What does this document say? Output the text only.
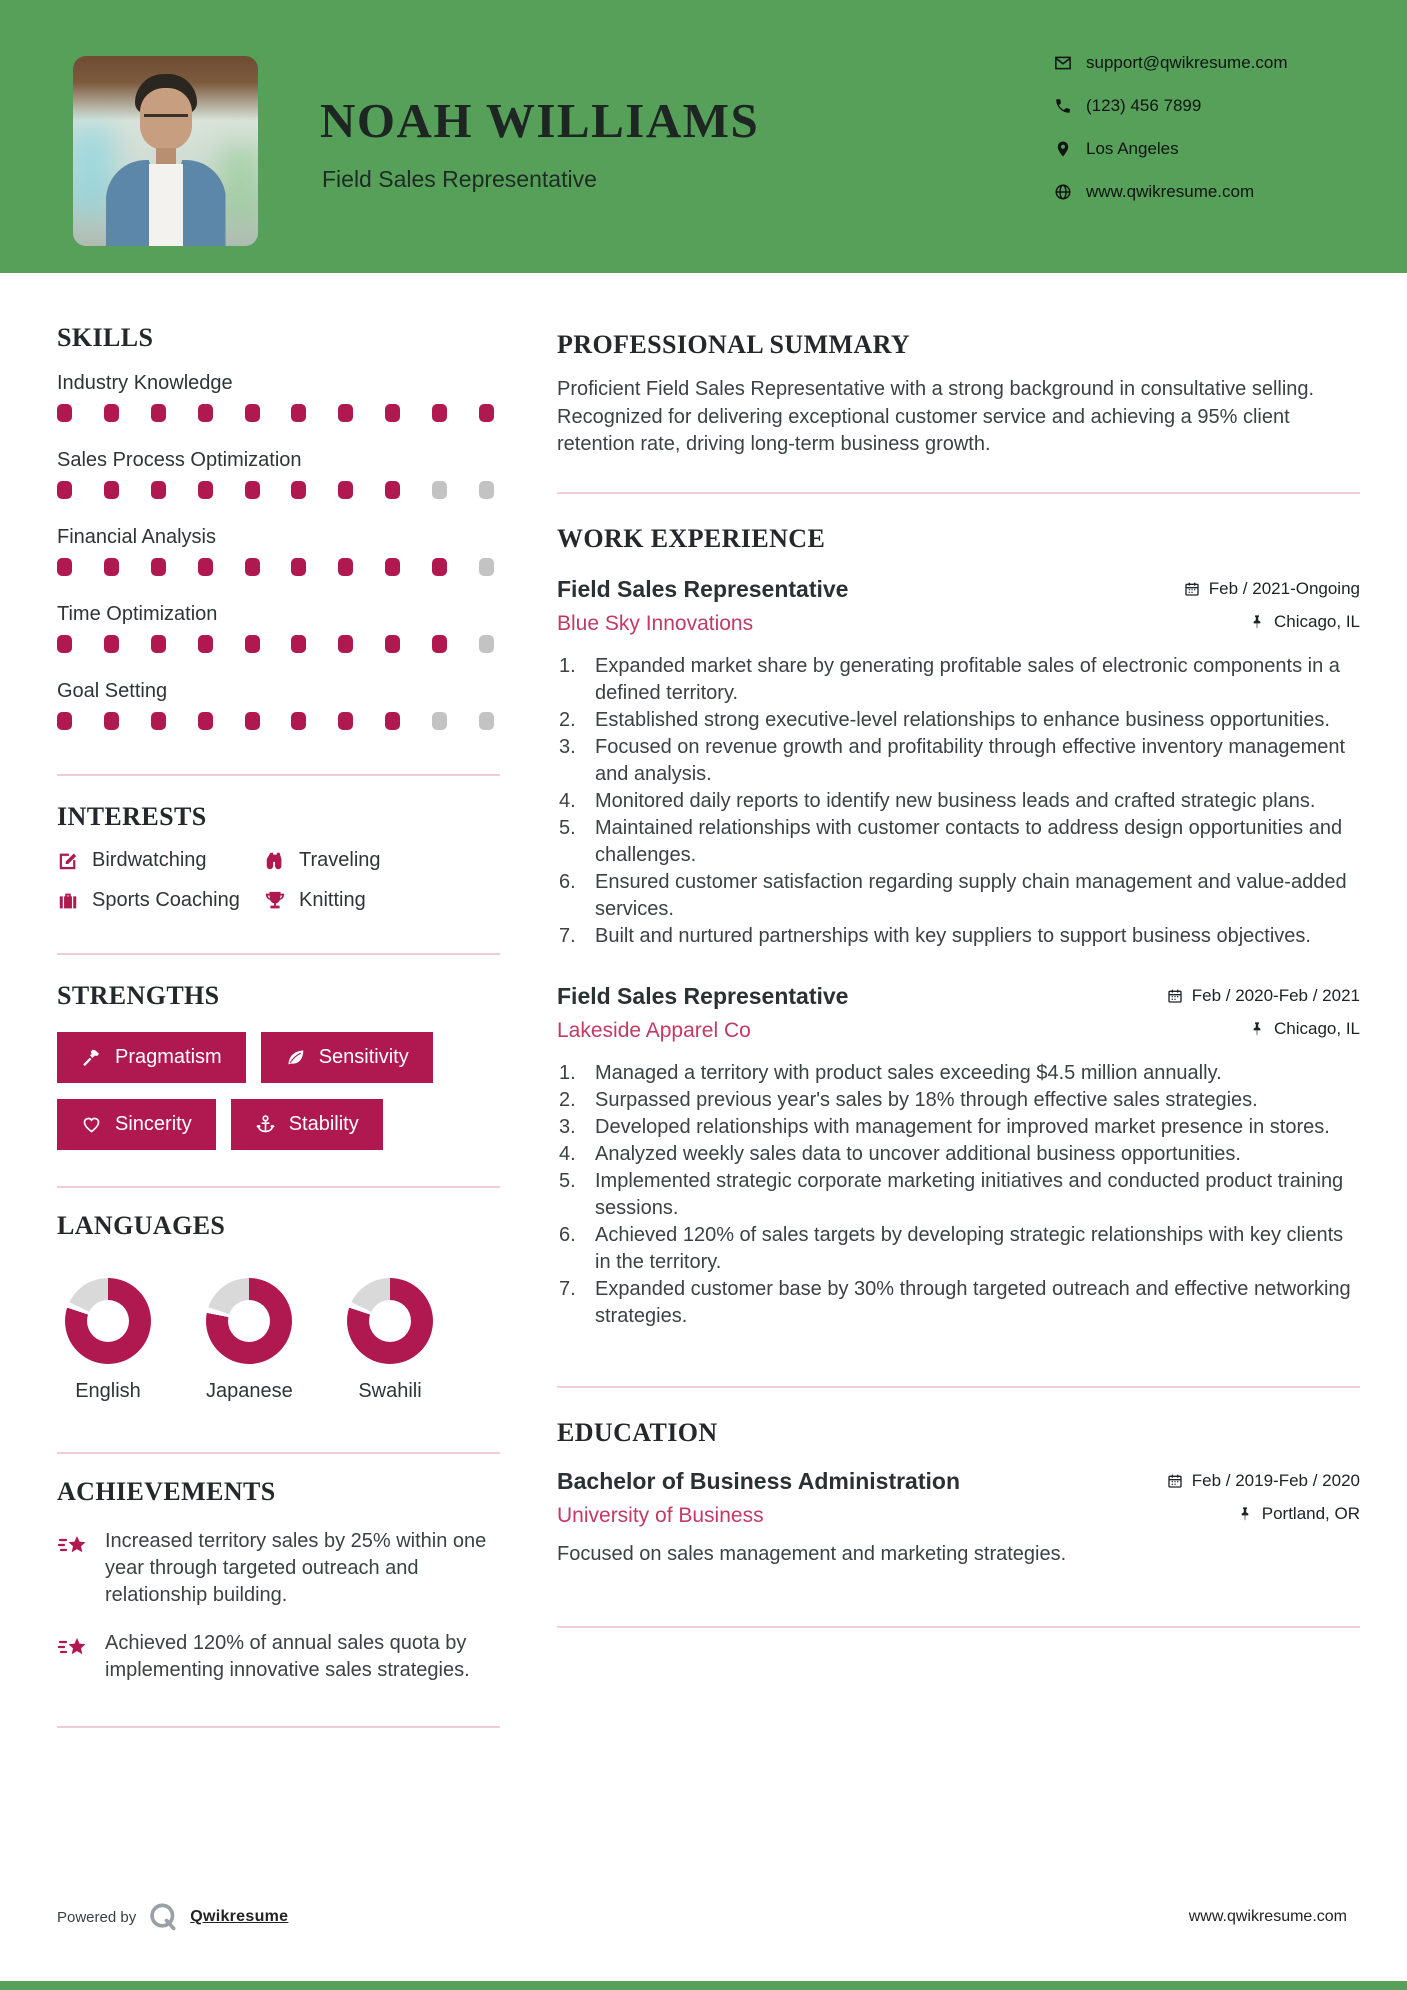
NOAH WILLIAMS
Field Sales Representative
support@qwikresume.com
(123) 456 7899
Los Angeles
www.qwikresume.com
SKILLS
Industry Knowledge
Sales Process Optimization
Financial Analysis
Time Optimization
Goal Setting
INTERESTS
Birdwatching	Traveling
Sports Coaching	Knitting
STRENGTHS
Pragmatism	Sensitivity
Sincerity	Stability
LANGUAGES
English	Japanese	Swahili
ACHIEVEMENTS

Increased territory sales by 25% within one year through targeted outreach and relationship building.

Achieved 120% of annual sales quota by implementing innovative sales strategies.

PROFESSIONAL SUMMARY

Proficient Field Sales Representative with a strong background in consultative selling. Recognized for delivering exceptional customer service and achieving a 95% client retention rate, driving long-term business growth.

WORK EXPERIENCE
Field Sales Representative	Feb / 2021-Ongoing
Blue Sky Innovations	Chicago, IL
1. Expanded market share by generating profitable sales of electronic components in a defined territory.
2. Established strong executive-level relationships to enhance business opportunities.
3. Focused on revenue growth and profitability through effective inventory management and analysis.
4. Monitored daily reports to identify new business leads and crafted strategic plans.
5. Maintained relationships with customer contacts to address design opportunities and challenges.
6. Ensured customer satisfaction regarding supply chain management and value-added services.
7. Built and nurtured partnerships with key suppliers to support business objectives.
Field Sales Representative	Feb / 2020-Feb / 2021
Lakeside Apparel Co	Chicago, IL
1. Managed a territory with product sales exceeding $4.5 million annually.
2. Surpassed previous year's sales by 18% through effective sales strategies.
3. Developed relationships with management for improved market presence in stores.
4. Analyzed weekly sales data to uncover additional business opportunities.
5. Implemented strategic corporate marketing initiatives and conducted product training sessions.
6. Achieved 120% of sales targets by developing strategic relationships with key clients in the territory.
7. Expanded customer base by 30% through targeted outreach and effective networking strategies.
EDUCATION
Bachelor of Business Administration	Feb / 2019-Feb / 2020
University of Business	Portland, OR

Focused on sales management and marketing strategies.

Powered by	Qwikresume	www.qwikresume.com
